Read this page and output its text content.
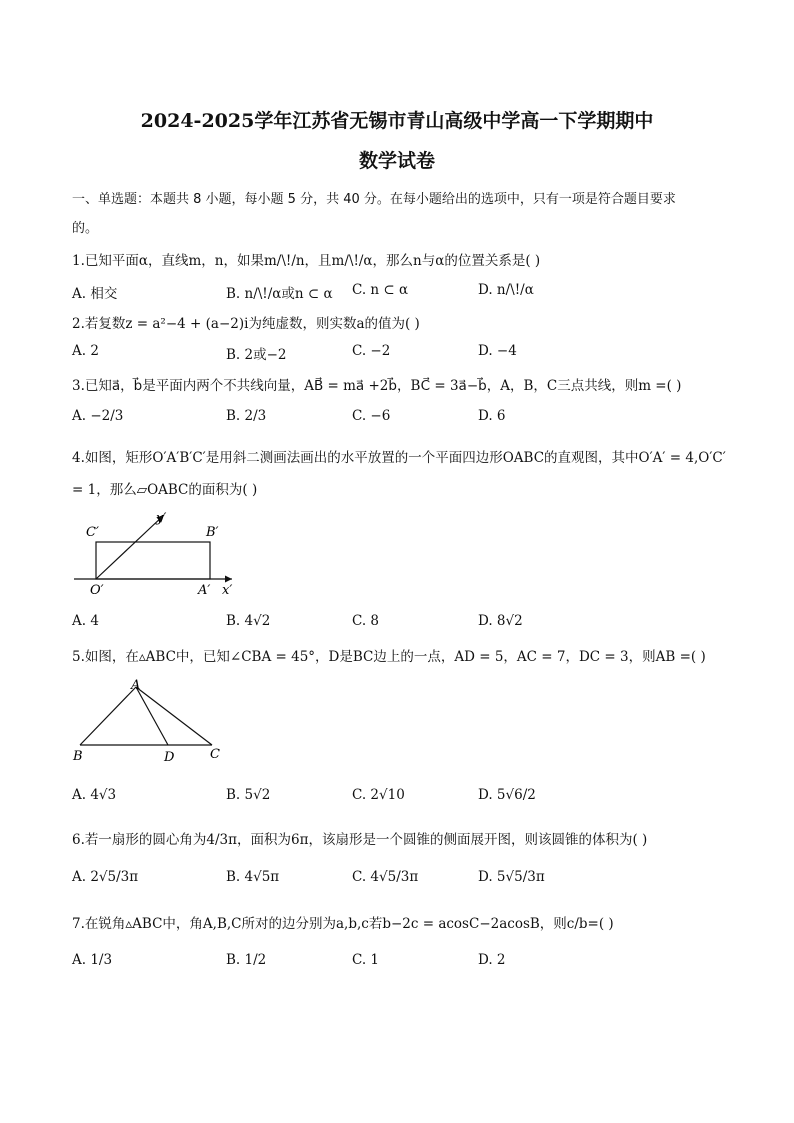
2024-2025学年江苏省无锡市青山高级中学高一下学期期中
数学试卷
一、单选题：本题共 8 小题，每小题 5 分，共 40 分。在每小题给出的选项中，只有一项是符合题目要求
的。
1.已知平面α，直线m，n，如果m/\!/n，且m/\!/α，那么n与α的位置关系是( )
A. 相交	B. n/\!/α或n ⊂ α C. n ⊂ α	D. n/\!/α
2.若复数z = a²−4 + (a−2)i为纯虚数，则实数a的值为( )
A. 2	B. 2或−2	C. −2	D. −4
3.已知a⃗，b⃗是平面内两个不共线向量，AB⃗ = ma⃗ +2b⃗，BC⃗ = 3a⃗−b⃗，A，B，C三点共线，则m =( )
A. −2/3	B. 2/3	C. −6	D. 6
4.如图，矩形O′A′B′C′是用斜二测画法画出的水平放置的一个平面四边形OABC的直观图，其中O′A′ = 4,O′C′
= 1，那么▱OABC的面积为( )
C′	B′
O′	A′ x′
y′
A. 4	B. 4√2	C. 8	D. 8√2
5.如图，在▵ABC中，已知∠CBA = 45°，D是BC边上的一点，AD = 5，AC = 7，DC = 3，则AB =( )
A
B	D	C
A. 4√3	B. 5√2	C. 2√10	D. 5√6/2
6.若一扇形的圆心角为4/3π，面积为6π，该扇形是一个圆锥的侧面展开图，则该圆锥的体积为( )
A. 2√5/3π	B. 4√5π	C. 4√5/3π	D. 5√5/3π
7.在锐角▵ABC中，角A,B,C所对的边分别为a,b,c若b−2c = acosC−2acosB，则c/b=( )
A. 1/3	B. 1/2	C. 1	D. 2
